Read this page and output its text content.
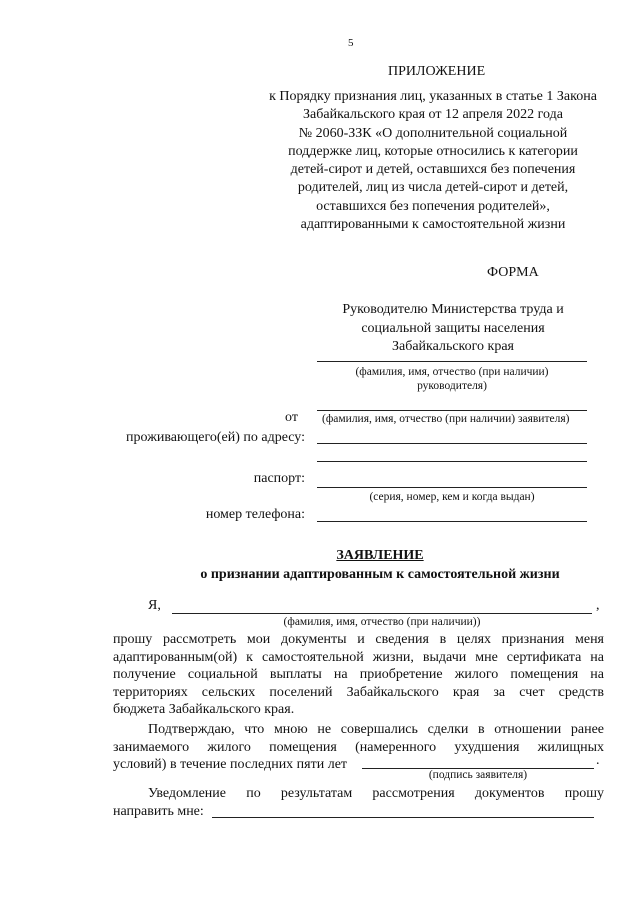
5
ПРИЛОЖЕНИЕ
к Порядку признания лиц, указанных в статье 1 Закона
Забайкальского края от 12 апреля 2022 года
№ 2060-ЗЗК «О дополнительной социальной
поддержке лиц, которые относились к категории
детей-сирот и детей, оставшихся без попечения
родителей, лиц из числа детей-сирот и детей,
оставшихся без попечения родителей»,
адаптированными к самостоятельной жизни
ФОРМА
Руководителю Министерства труда и
социальной защиты населения
Забайкальского края
(фамилия, имя, отчество (при наличии)
руководителя)
от (фамилия, имя, отчество (при наличии) заявителя)
проживающего(ей) по адресу:
паспорт:
(серия, номер, кем и когда выдан)
номер телефона:
ЗАЯВЛЕНИЕ
о признании адаптированным к самостоятельной жизни
Я,	,
(фамилия, имя, отчество (при наличии))
прошу рассмотреть мои документы и сведения в целях признания меня
адаптированным(ой) к самостоятельной жизни, выдачи мне сертификата на
получение социальной выплаты на приобретение жилого помещения на
территориях сельских поселений Забайкальского края за счет средств
бюджета Забайкальского края.
Подтверждаю, что мною не совершались сделки в отношении ранее
занимаемого жилого помещения (намеренного ухудшения жилищных
условий) в течение последних пяти лет	.
(подпись заявителя)
Уведомление по результатам рассмотрения документов прошу
направить мне:
